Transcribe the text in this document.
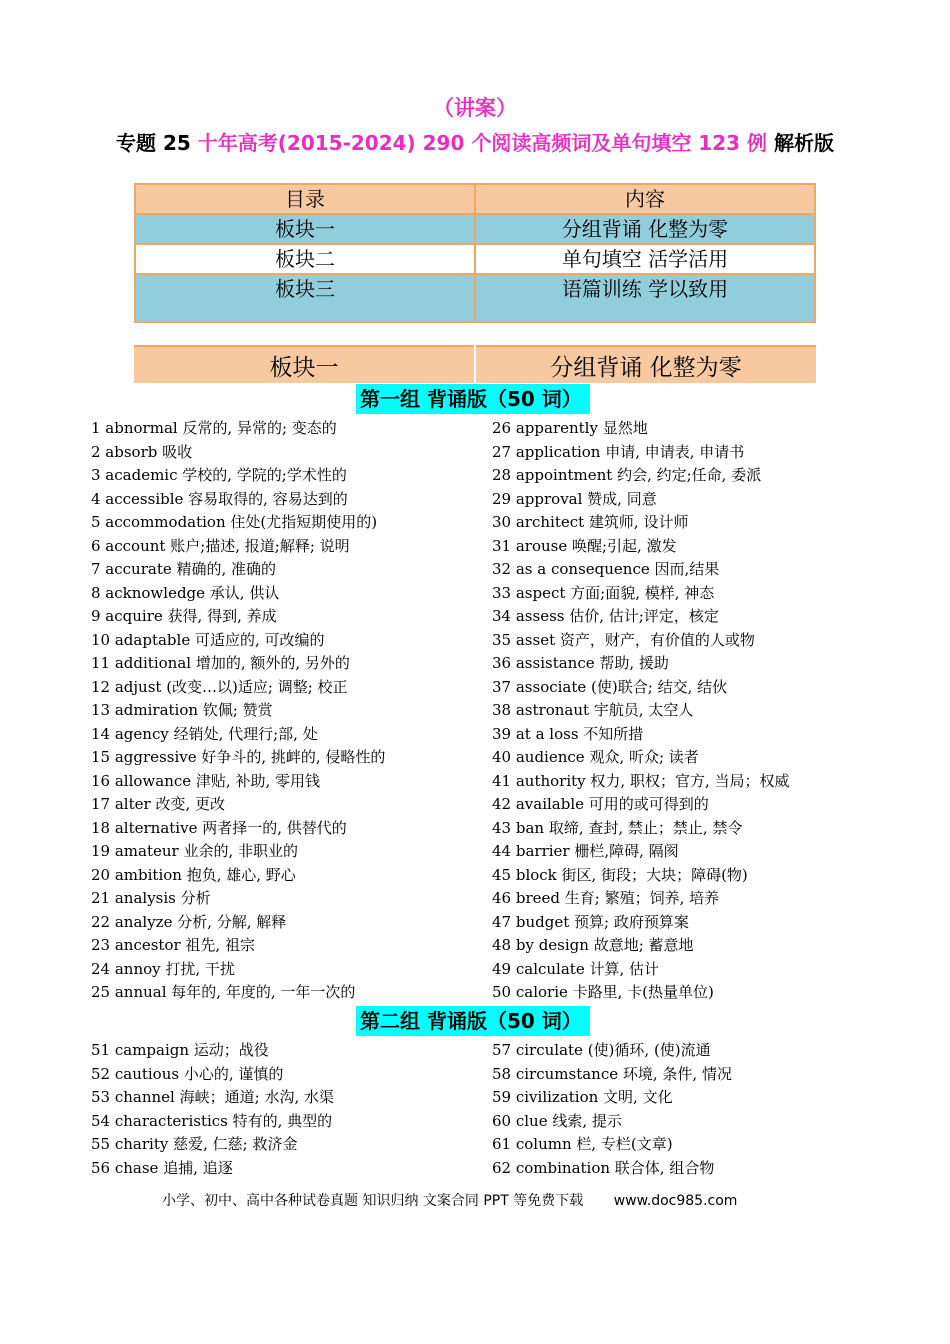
（讲案）
专题 25 十年高考(2015-2024) 290 个阅读高频词及单句填空 123 例 解析版
目录	内容
板块一	分组背诵 化整为零
板块二	单句填空 活学活用
板块三	语篇训练 学以致用
板块一	分组背诵 化整为零
第一组 背诵版（50 词）
1 abnormal 反常的, 异常的; 变态的
2 absorb 吸收
3 academic 学校的, 学院的;学术性的
4 accessible 容易取得的, 容易达到的
5 accommodation 住处(尤指短期使用的)
6 account 账户;描述, 报道;解释; 说明
7 accurate 精确的, 准确的
8 acknowledge 承认, 供认
9 acquire 获得, 得到, 养成
10 adaptable 可适应的, 可改编的
11 additional 增加的, 额外的, 另外的
12 adjust (改变…以)适应; 调整; 校正
13 admiration 钦佩; 赞赏
14 agency 经销处, 代理行;部, 处
15 aggressive 好争斗的, 挑衅的, 侵略性的
16 allowance 津贴, 补助, 零用钱
17 alter 改变, 更改
18 alternative 两者择一的, 供替代的
19 amateur 业余的, 非职业的
20 ambition 抱负, 雄心, 野心
21 analysis 分析
22 analyze 分析, 分解, 解释
23 ancestor 祖先, 祖宗
24 annoy 打扰, 干扰
25 annual 每年的, 年度的, 一年一次的
26 apparently 显然地
27 application 申请, 申请表, 申请书
28 appointment 约会, 约定;任命, 委派
29 approval 赞成, 同意
30 architect 建筑师, 设计师
31 arouse 唤醒;引起, 激发
32 as a consequence 因而,结果
33 aspect 方面;面貌, 模样, 神态
34 assess 估价, 估计;评定，核定
35 asset 资产，财产，有价值的人或物
36 assistance 帮助, 援助
37 associate (使)联合; 结交, 结伙
38 astronaut 宇航员, 太空人
39 at a loss 不知所措
40 audience 观众, 听众; 读者
41 authority 权力, 职权；官方, 当局；权威
42 available 可用的或可得到的
43 ban 取缔, 查封, 禁止；禁止, 禁令
44 barrier 栅栏,障碍, 隔阂
45 block 街区, 街段；大块；障碍(物)
46 breed 生育; 繁殖；饲养, 培养
47 budget 预算; 政府预算案
48 by design 故意地; 蓄意地
49 calculate 计算, 估计
50 calorie 卡路里, 卡(热量单位)
第二组 背诵版（50 词）
51 campaign 运动；战役
52 cautious 小心的, 谨慎的
53 channel 海峡；通道; 水沟, 水渠
54 characteristics 特有的, 典型的
55 charity 慈爱, 仁慈; 救济金
56 chase 追捕, 追逐
57 circulate (使)循环, (使)流通
58 circumstance 环境, 条件, 情况
59 civilization 文明, 文化
60 clue 线索, 提示
61 column 栏, 专栏(文章)
62 combination 联合体, 组合物
小学、初中、高中各种试卷真题 知识归纳 文案合同 PPT 等免费下载 www.doc985.com
